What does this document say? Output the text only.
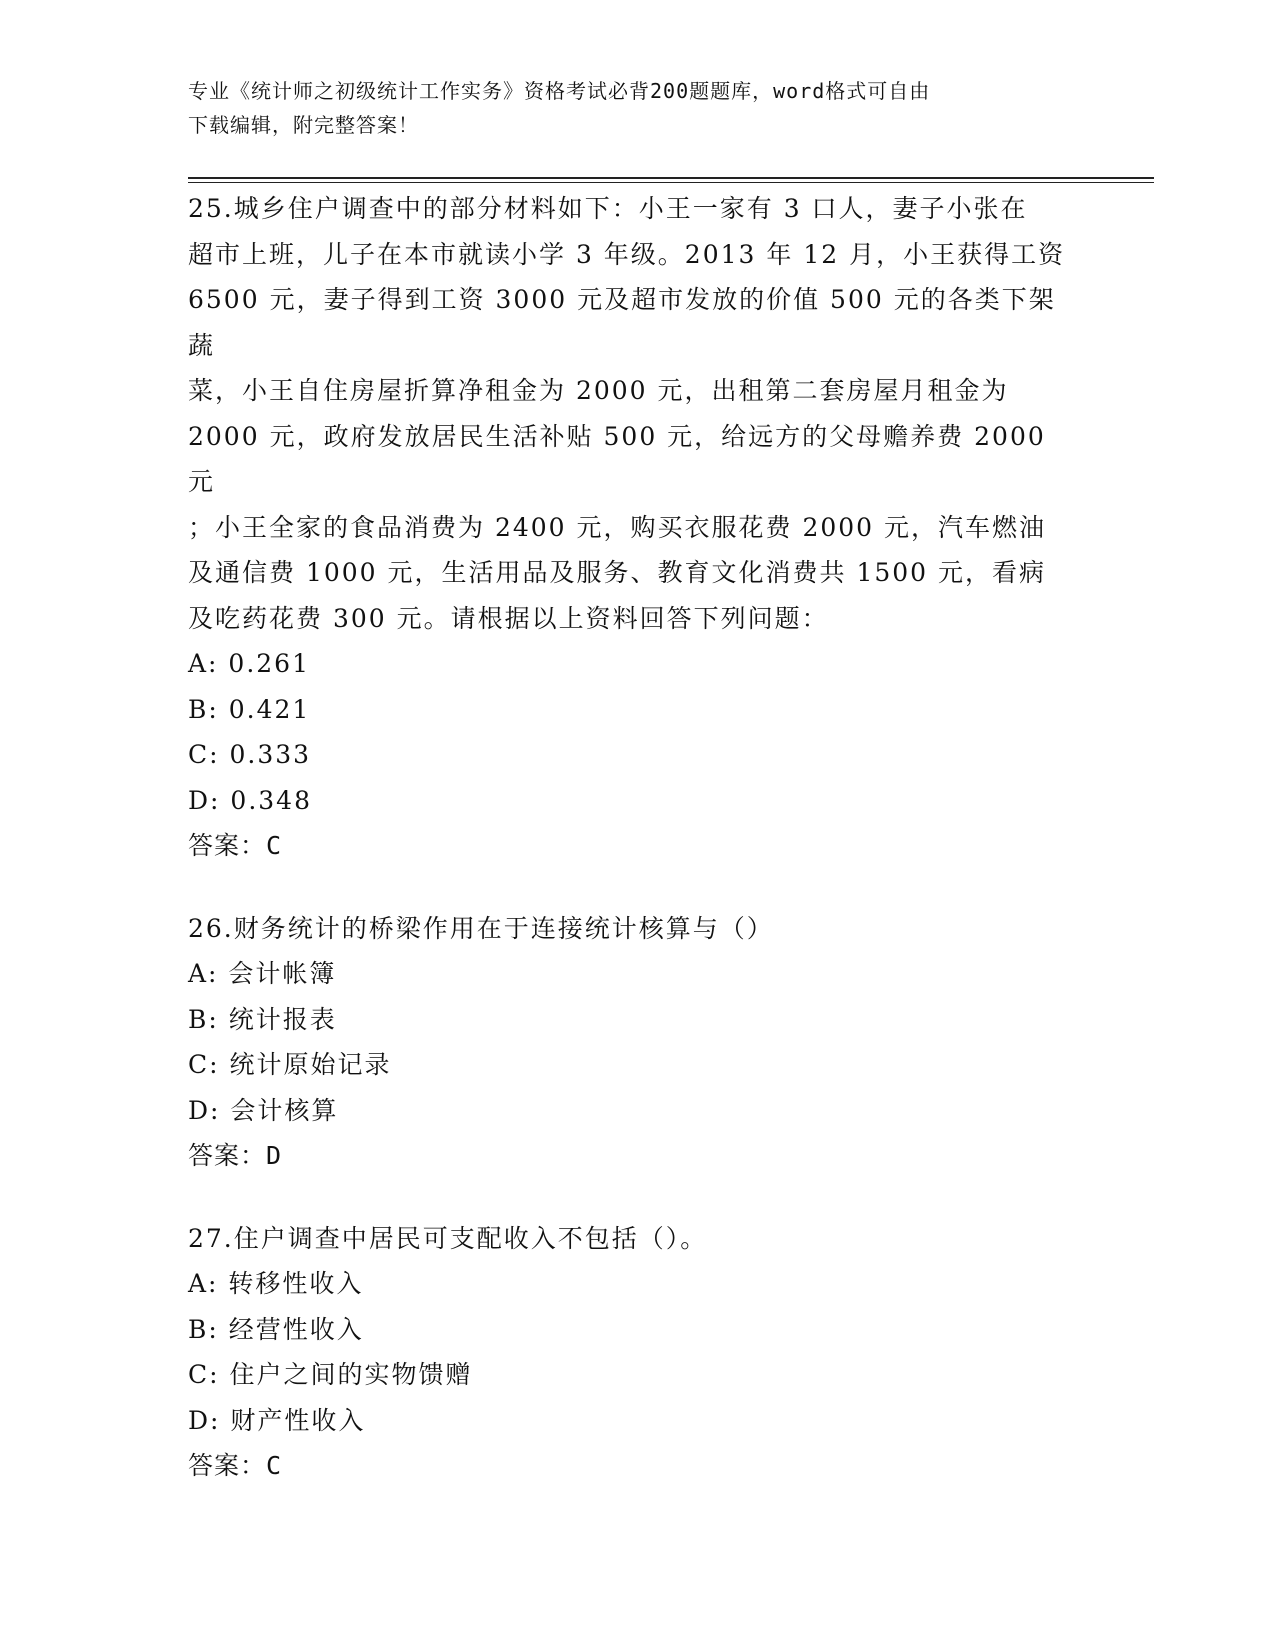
专业《统计师之初级统计工作实务》资格考试必背200题题库，word格式可自由
下载编辑，附完整答案！
25.城乡住户调查中的部分材料如下：小王一家有 3 口人，妻子小张在
超市上班，儿子在本市就读小学 3 年级。2013 年 12 月，小王获得工资
6500 元，妻子得到工资 3000 元及超市发放的价值 500 元的各类下架蔬
菜，小王自住房屋折算净租金为 2000 元，出租第二套房屋月租金为
2000 元，政府发放居民生活补贴 500 元，给远方的父母赡养费 2000 元
；小王全家的食品消费为 2400 元，购买衣服花费 2000 元，汽车燃油
及通信费 1000 元，生活用品及服务、教育文化消费共 1500 元，看病
及吃药花费 300 元。请根据以上资料回答下列问题：
A: 0.261
B: 0.421
C: 0.333
D: 0.348
答案：C
26.财务统计的桥梁作用在于连接统计核算与（）
A: 会计帐簿
B: 统计报表
C: 统计原始记录
D: 会计核算
答案：D
27.住户调查中居民可支配收入不包括（）。
A: 转移性收入
B: 经营性收入
C: 住户之间的实物馈赠
D: 财产性收入
答案：C
